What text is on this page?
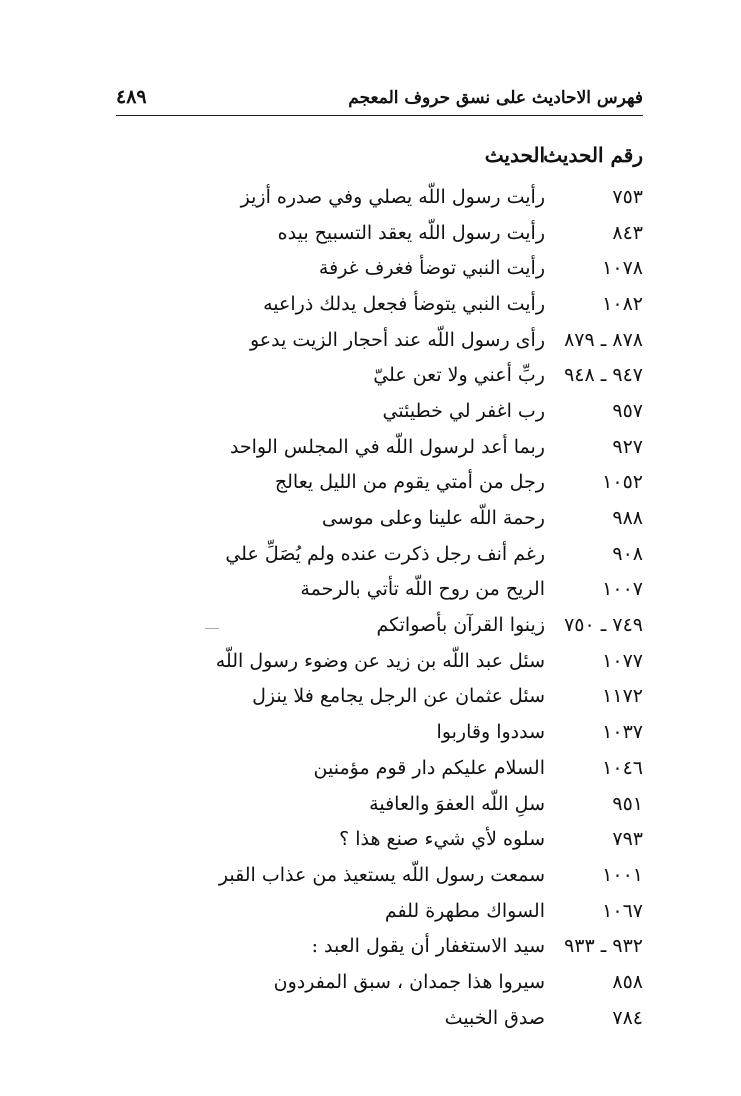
فهرس الاحاديث على نسق حروف المعجم
٤٨٩
رقم الحديث
الحديث
٧٥٣
رأيت رسول اللّه يصلي وفي صدره أزيز
٨٤٣
رأيت رسول اللّه يعقد التسبيح بيده
١٠٧٨
رأيت النبي توضأ فغرف غرفة
١٠٨٢
رأيت النبي يتوضأ فجعل يدلك ذراعيه
٨٧٨ ـ ٨٧٩
رأى رسول اللّه عند أحجار الزيت يدعو
٩٤٧ ـ ٩٤٨
ربِّ أعني ولا تعن عليّ
٩٥٧
رب اغفر لي خطيئتي
٩٢٧
ربما أعد لرسول اللّه في المجلس الواحد
١٠٥٢
رجل من أمتي يقوم من الليل يعالج
٩٨٨
رحمة اللّه علينا وعلى موسى
٩٠٨
رغم أنف رجل ذكرت عنده ولم يُصَلِّ علي
١٠٠٧
الريح من روح اللّه تأتي بالرحمة
٧٤٩ ـ ٧٥٠
زينوا القرآن بأصواتكم
١٠٧٧
سئل عبد اللّه بن زيد عن وضوء رسول اللّه
١١٧٢
سئل عثمان عن الرجل يجامع فلا ينزل
١٠٣٧
سددوا وقاربوا
١٠٤٦
السلام عليكم دار قوم مؤمنين
٩٥١
سلِ اللّه العفوَ والعافية
٧٩٣
سلوه لأي شيء صنع هذا ؟
١٠٠١
سمعت رسول اللّه يستعيذ من عذاب القبر
١٠٦٧
السواك مطهرة للفم
٩٣٢ ـ ٩٣٣
سيد الاستغفار أن يقول العبد :
٨٥٨
سيروا هذا جمدان ، سبق المفردون
٧٨٤
صدق الخبيث
